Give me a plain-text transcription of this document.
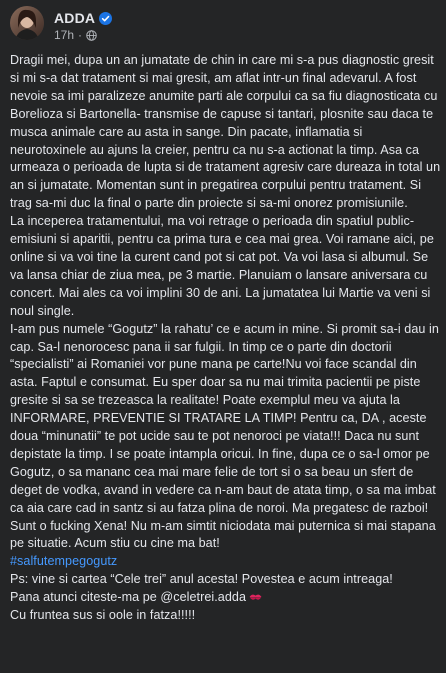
ADDA
17h ·

Dragii mei, dupa un an jumatate de chin in care mi s-a pus diagnostic gresit si mi s-a dat tratament si mai gresit, am aflat intr-un final adevarul. A fost nevoie sa imi paralizeze anumite parti ale corpului ca sa fiu diagnosticata cu Borelioza si Bartonella- transmise de capuse si tantari, plosnite sau daca te musca animale care au asta in sange. Din pacate, inflamatia si neurotoxinele au ajuns la creier, pentru ca nu s-a actionat la timp. Asa ca urmeaza o perioada de lupta si de tratament agresiv care dureaza in total un an si jumatate. Momentan sunt in pregatirea corpului pentru tratament. Si trag sa-mi duc la final o parte din proiecte si sa-mi onorez promisiunile.

La inceperea tratamentului, ma voi retrage o perioada din spatiul public- emisiuni si aparitii, pentru ca prima tura e cea mai grea. Voi ramane aici, pe online si va voi tine la curent cand pot si cat pot. Va voi lasa si albumul. Se va lansa chiar de ziua mea, pe 3 martie. Planuiam o lansare aniversara cu concert. Mai ales ca voi implini 30 de ani. La jumatatea lui Martie va veni si noul single.

I-am pus numele “Gogutz” la rahatu’ ce e acum in mine. Si promit sa-i dau in cap. Sa-l nenorocesc pana ii sar fulgii. In timp ce o parte din doctorii “specialisti” ai Romaniei vor pune mana pe carte!Nu voi face scandal din asta. Faptul e consumat. Eu sper doar sa nu mai trimita pacientii pe piste gresite si sa se trezeasca la realitate! Poate exemplul meu va ajuta la INFORMARE, PREVENTIE SI TRATARE LA TIMP! Pentru ca, DA , aceste doua “minunatii” te pot ucide sau te pot nenoroci pe viata!!! Daca nu sunt depistate la timp. I se poate intampla oricui. In fine, dupa ce o sa-l omor pe Gogutz, o sa mananc cea mai mare felie de tort si o sa beau un sfert de deget de vodka, avand in vedere ca n-am baut de atata timp, o sa ma imbat ca aia care cad in santz si au fatza plina de noroi. Ma pregatesc de razboi! Sunt o fucking Xena! Nu m-am simtit niciodata mai puternica si mai stapana pe situatie. Acum stiu cu cine ma bat!

#salfutempegogutz

Ps: vine si cartea “Cele trei” anul acesta! Povestea e acum intreaga!

Pana atunci citeste-ma pe @celetrei.adda

Cu fruntea sus si oole in fatza!!!!!
